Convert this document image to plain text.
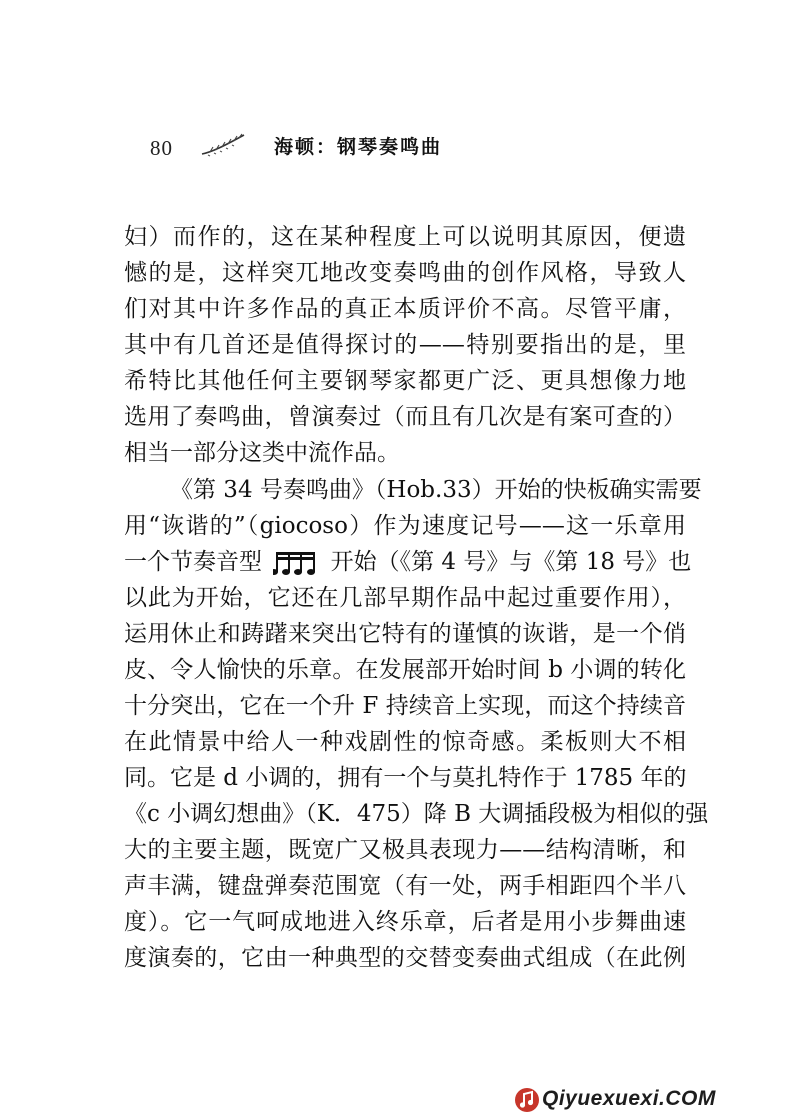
80	海顿：钢琴奏鸣曲
妇）而作的，这在某种程度上可以说明其原因，便遗
憾的是，这样突兀地改变奏鸣曲的创作风格，导致人
们对其中许多作品的真正本质评价不高。尽管平庸，
其中有几首还是值得探讨的——特别要指出的是，里
希特比其他任何主要钢琴家都更广泛、更具想像力地
选用了奏鸣曲，曾演奏过（而且有几次是有案可查的）
相当一部分这类中流作品。
《第 34 号奏鸣曲》（Hob.33）开始的快板确实需要
用“诙谐的”（giocoso）作为速度记号——这一乐章用
一个节奏音型	开始（《第 4 号》与《第 18 号》也
以此为开始，它还在几部早期作品中起过重要作用），
运用休止和踌躇来突出它特有的谨慎的诙谐，是一个俏
皮、令人愉快的乐章。在发展部开始时间 b 小调的转化
十分突出，它在一个升 F 持续音上实现，而这个持续音
在此情景中给人一种戏剧性的惊奇感。柔板则大不相
同。它是 d 小调的，拥有一个与莫扎特作于 1785 年的
《c 小调幻想曲》（K．475）降 B 大调插段极为相似的强
大的主要主题，既宽广又极具表现力——结构清晰，和
声丰满，键盘弹奏范围宽（有一处，两手相距四个半八
度）。它一气呵成地进入终乐章，后者是用小步舞曲速
度演奏的，它由一种典型的交替变奏曲式组成（在此例
Qiyuexuexi.COM
